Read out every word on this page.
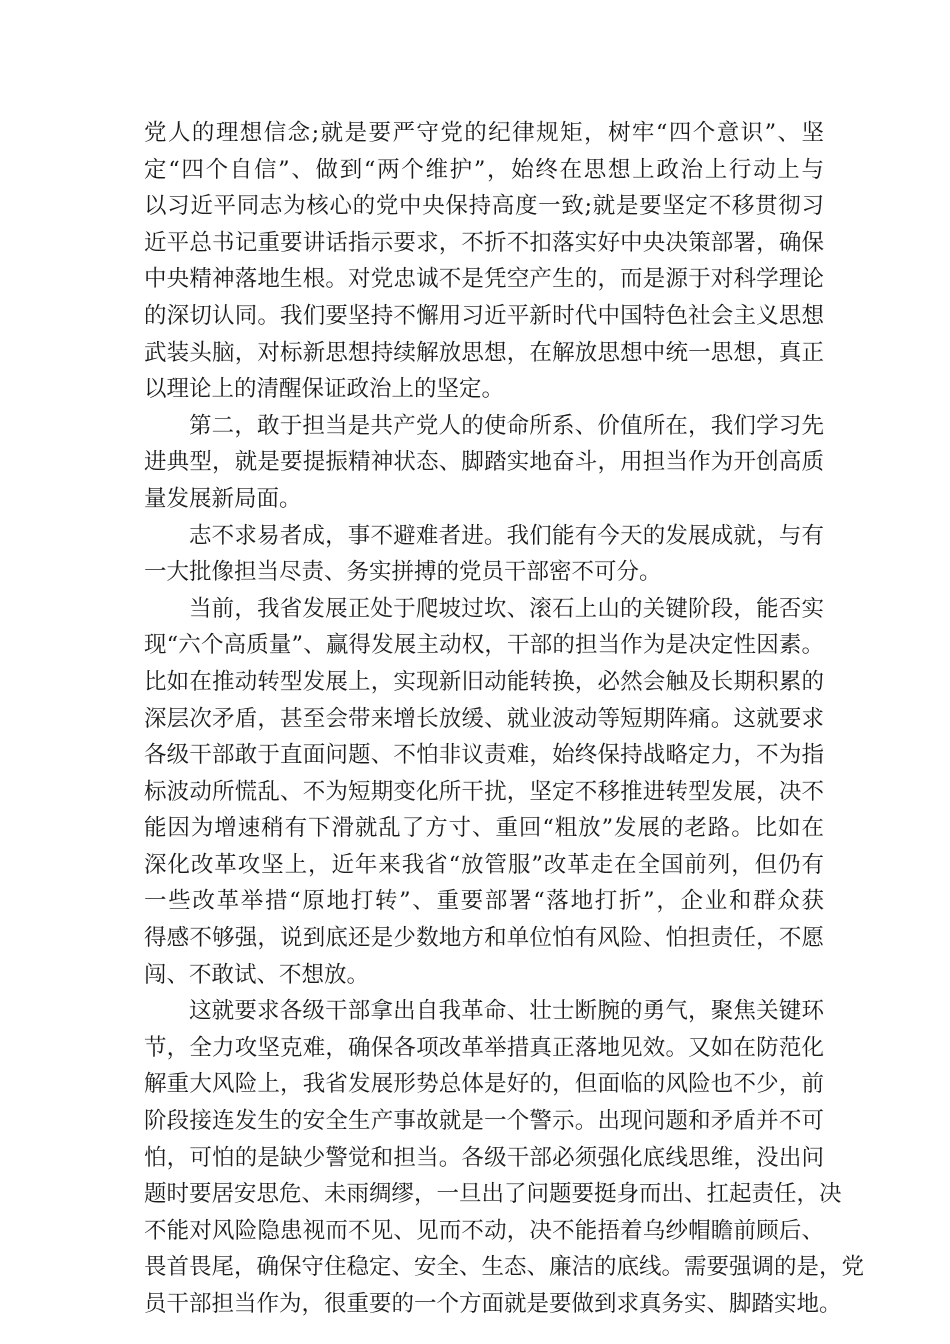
党人的理想信念;就是要严守党的纪律规矩，树牢“四个意识”、坚
定“四个自信”、做到“两个维护”，始终在思想上政治上行动上与
以习近平同志为核心的党中央保持高度一致;就是要坚定不移贯彻习
近平总书记重要讲话指示要求，不折不扣落实好中央决策部署，确保
中央精神落地生根。对党忠诚不是凭空产生的，而是源于对科学理论
的深切认同。我们要坚持不懈用习近平新时代中国特色社会主义思想
武装头脑，对标新思想持续解放思想，在解放思想中统一思想，真正
以理论上的清醒保证政治上的坚定。
第二，敢于担当是共产党人的使命所系、价值所在，我们学习先
进典型，就是要提振精神状态、脚踏实地奋斗，用担当作为开创高质
量发展新局面。
志不求易者成，事不避难者进。我们能有今天的发展成就，与有
一大批像担当尽责、务实拼搏的党员干部密不可分。
当前，我省发展正处于爬坡过坎、滚石上山的关键阶段，能否实
现“六个高质量”、赢得发展主动权，干部的担当作为是决定性因素。
比如在推动转型发展上，实现新旧动能转换，必然会触及长期积累的
深层次矛盾，甚至会带来增长放缓、就业波动等短期阵痛。这就要求
各级干部敢于直面问题、不怕非议责难，始终保持战略定力，不为指
标波动所慌乱、不为短期变化所干扰，坚定不移推进转型发展，决不
能因为增速稍有下滑就乱了方寸、重回“粗放”发展的老路。比如在
深化改革攻坚上，近年来我省“放管服”改革走在全国前列，但仍有
一些改革举措“原地打转”、重要部署“落地打折”，企业和群众获
得感不够强，说到底还是少数地方和单位怕有风险、怕担责任，不愿
闯、不敢试、不想放。
这就要求各级干部拿出自我革命、壮士断腕的勇气，聚焦关键环
节，全力攻坚克难，确保各项改革举措真正落地见效。又如在防范化
解重大风险上，我省发展形势总体是好的，但面临的风险也不少，前
阶段接连发生的安全生产事故就是一个警示。出现问题和矛盾并不可
怕，可怕的是缺少警觉和担当。各级干部必须强化底线思维，没出问
题时要居安思危、未雨绸缪，一旦出了问题要挺身而出、扛起责任，决
不能对风险隐患视而不见、见而不动，决不能捂着乌纱帽瞻前顾后、
畏首畏尾，确保守住稳定、安全、生态、廉洁的底线。需要强调的是，党
员干部担当作为，很重要的一个方面就是要做到求真务实、脚踏实地。
